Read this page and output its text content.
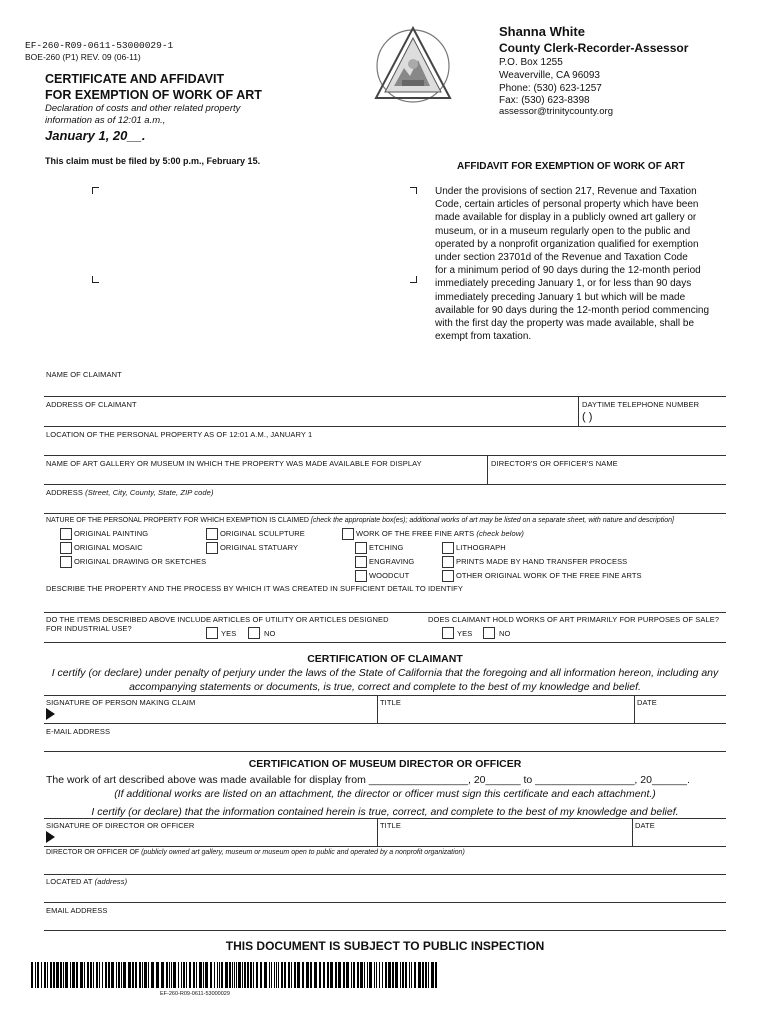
EF-260-R09-0611-53000029-1
BOE-260 (P1) REV. 09 (06-11)
CERTIFICATE AND AFFIDAVIT
FOR EXEMPTION OF WORK OF ART
Declaration of costs and other related property
information as of 12:01 a.m.,
January 1, 20__.
This claim must be filed by 5:00 p.m., February 15.
Shanna White
County Clerk-Recorder-Assessor
P.O. Box 1255
Weaverville, CA 96093
Phone: (530) 623-1257
Fax: (530) 623-8398
assessor@trinitycounty.org
AFFIDAVIT FOR EXEMPTION OF WORK OF ART
Under the provisions of section 217, Revenue and Taxation
Code, certain articles of personal property which have been
made available for display in a publicly owned art gallery or
museum, or in a museum regularly open to the public and
operated by a nonprofit organization qualified for exemption
under section 23701d of the Revenue and Taxation Code
for a minimum period of 90 days during the 12-month period
immediately preceding January 1, or for less than 90 days
immediately preceding January 1 but which will be made
available for 90 days during the 12-month period commencing
with the first day the property was made available, shall be
exempt from taxation.
NAME OF CLAIMANT
ADDRESS OF CLAIMANT	DAYTIME TELEPHONE NUMBER
( )
LOCATION OF THE PERSONAL PROPERTY AS OF 12:01 A.M., JANUARY 1
NAME OF ART GALLERY OR MUSEUM IN WHICH THE PROPERTY WAS MADE AVAILABLE FOR DISPLAY	DIRECTOR'S OR OFFICER'S NAME
ADDRESS (Street, City, County, State, ZIP code)
NATURE OF THE PERSONAL PROPERTY FOR WHICH EXEMPTION IS CLAIMED [check the appropriate box(es); additional works of art may be listed on a separate sheet, with nature and description]
ORIGINAL PAINTING
ORIGINAL MOSAIC
ORIGINAL DRAWING OR SKETCHES
ORIGINAL SCULPTURE
ORIGINAL STATUARY
WORK OF THE FREE FINE ARTS (check below)
ETCHING
ENGRAVING
WOODCUT
LITHOGRAPH
PRINTS MADE BY HAND TRANSFER PROCESS
OTHER ORIGINAL WORK OF THE FREE FINE ARTS
DESCRIBE THE PROPERTY AND THE PROCESS BY WHICH IT WAS CREATED IN SUFFICIENT DETAIL TO IDENTIFY
DO THE ITEMS DESCRIBED ABOVE INCLUDE ARTICLES OF UTILITY OR ARTICLES DESIGNED
FOR INDUSTRIAL USE?
YES	NO
DOES CLAIMANT HOLD WORKS OF ART PRIMARILY FOR PURPOSES OF SALE?
YES	NO
CERTIFICATION OF CLAIMANT
I certify (or declare) under penalty of perjury under the laws of the State of California that the foregoing and all information hereon, including any
accompanying statements or documents, is true, correct and complete to the best of my knowledge and belief.
SIGNATURE OF PERSON MAKING CLAIM	TITLE	DATE
E-MAIL ADDRESS
CERTIFICATION OF MUSEUM DIRECTOR OR OFFICER
The work of art described above was made available for display from _________________, 20______ to _________________, 20______.
(If additional works are listed on an attachment, the director or officer must sign this certificate and each attachment.)
I certify (or declare) that the information contained herein is true, correct, and complete to the best of my knowledge and belief.
SIGNATURE OF DIRECTOR OR OFFICER	TITLE	DATE
DIRECTOR OR OFFICER OF (publicly owned art gallery, museum or museum open to public and operated by a nonprofit organization)
LOCATED AT (address)
EMAIL ADDRESS
THIS DOCUMENT IS SUBJECT TO PUBLIC INSPECTION
EF-260-R09-0611-53000029
